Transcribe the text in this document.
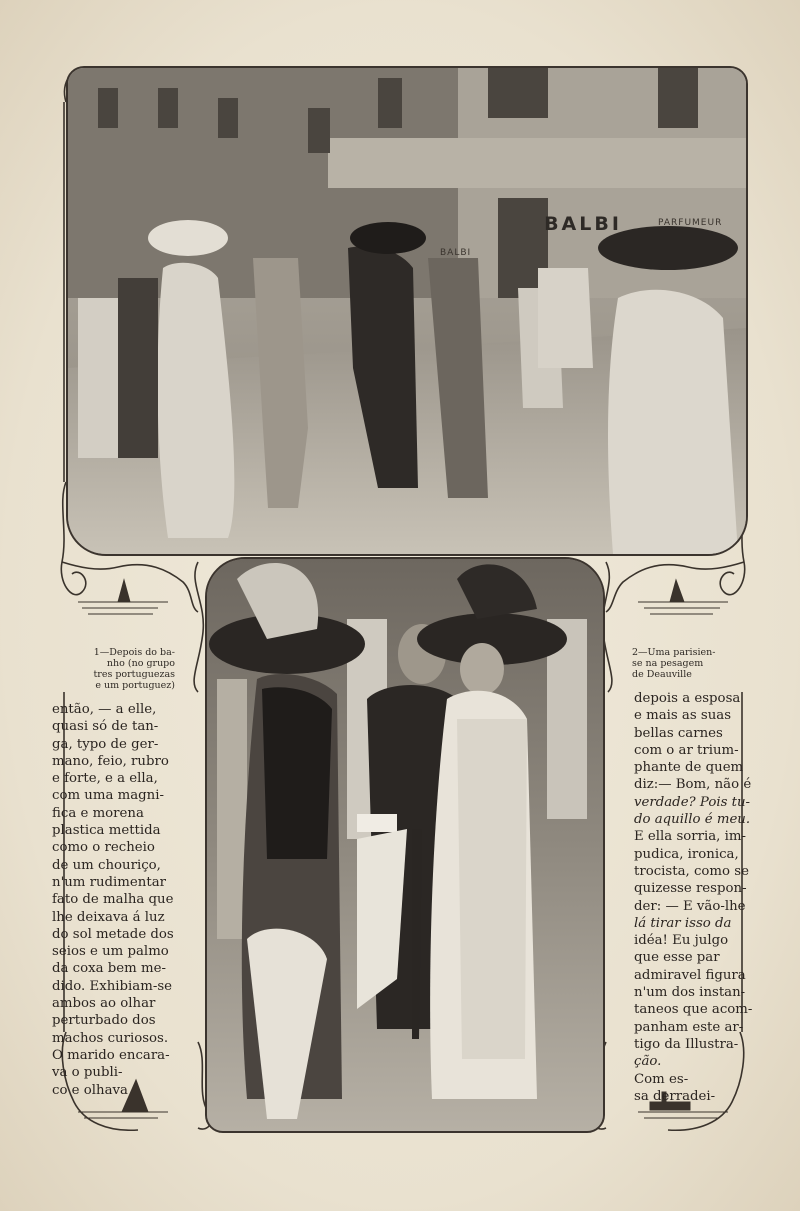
BALBI
BALBI
PARFUMEUR
1—Depois do ba-
nho (no grupo
tres portuguezas
e um portuguez)
2—Uma parisien-
se na pesagem
de Deauville
então, — a elle,
quasi só de tan-
ga, typo de ger-
mano, feio, rubro
e forte, e a ella,
com uma magni-
fica e morena
plastica mettida
como o recheio
de um chouriço,
n'um rudimentar
fato de malha que
lhe deixava á luz
do sol metade dos
seios e um palmo
da coxa bem me-
dido. Exhibiam-se
ambos ao olhar
perturbado dos
machos curiosos.
O marido encara-
va o publi-
co e olhava
depois a esposa
e mais as suas
bellas carnes
com o ar trium-
phante de quem
diz:— Bom, não é
verdade? Pois tu-
do aquillo é meu.
E ella sorria, im-
pudica, ironica,
trocista, como se
quizesse respon-
der: — E vão-lhe
lá tirar isso da
idéa! Eu julgo
que esse par
admiravel figura
n'um dos instan-
taneos que acom-
panham este ar-
tigo da Illustra-
ção.
Com es-
sa derradei-
